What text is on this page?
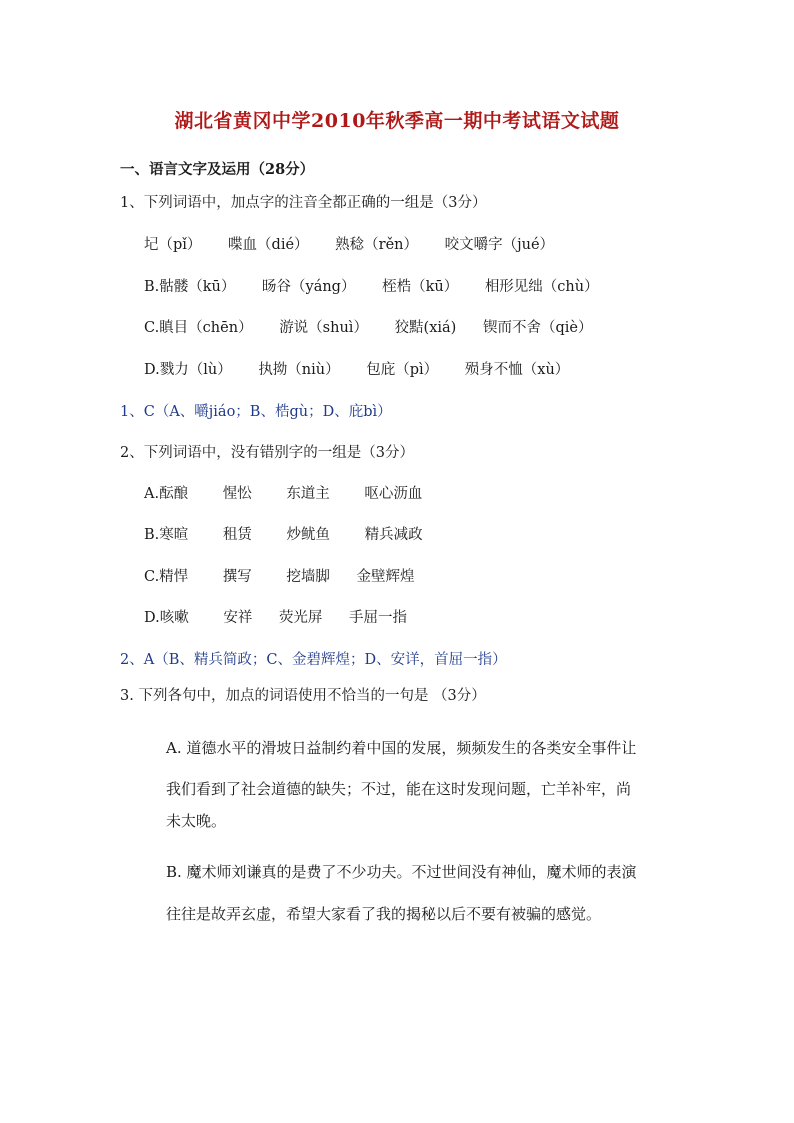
湖北省黄冈中学2010年秋季高一期中考试语文试题
一、语言文字及运用（28分）
1、下列词语中，加点字的注音全都正确的一组是（3分）
圮（pǐ） 喋血（dié） 熟稔（rěn） 咬文嚼字（jué）
B.骷髅（kū） 旸谷（yáng） 桎梏（kū） 相形见绌（chù）
C.瞋目（chēn） 游说（shuì） 狡黠(xiá) 锲而不舍（qiè）
D.戮力（lù） 执拗（niù） 包庇（pì） 殒身不恤（xù）
1、C（A、嚼jiáo；B、梏gù；D、庇bì）
2、下列词语中，没有错别字的一组是（3分）
A.酝酿 惺忪 东道主 呕心沥血
B.寒暄 租赁 炒鱿鱼 精兵减政
C.精悍 撰写 挖墙脚 金壁辉煌
D.咳嗽 安祥 荧光屏 手屈一指
2、A（B、精兵简政；C、金碧辉煌；D、安详，首屈一指）
3. 下列各句中，加点的词语使用不恰当的一句是 （3分）
A. 道德水平的滑坡日益制约着中国的发展，频频发生的各类安全事件让
我们看到了社会道德的缺失；不过，能在这时发现问题，亡羊补牢，尚
未太晚。
B. 魔术师刘谦真的是费了不少功夫。不过世间没有神仙，魔术师的表演
往往是故弄玄虚，希望大家看了我的揭秘以后不要有被骗的感觉。
